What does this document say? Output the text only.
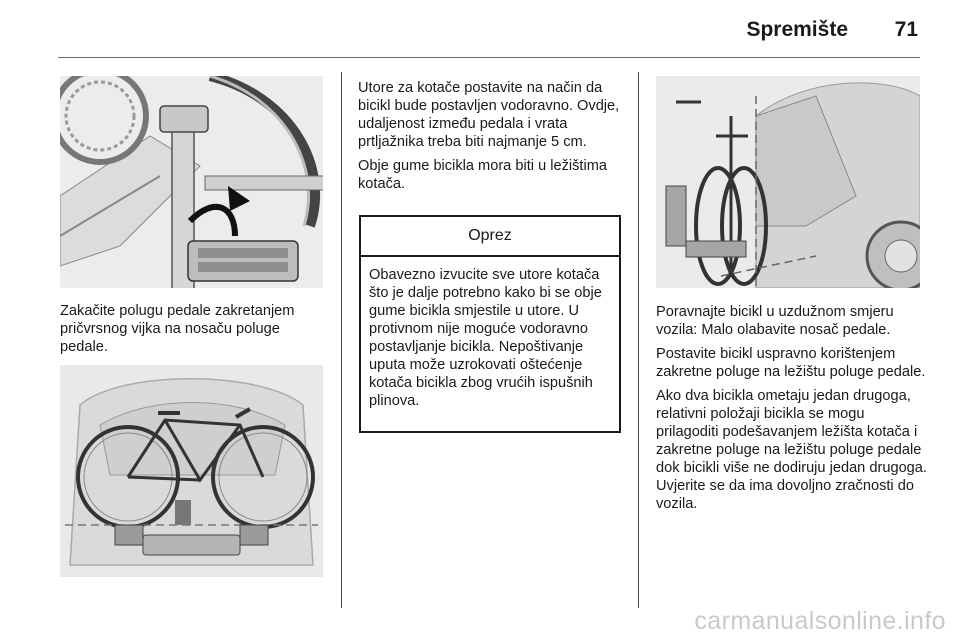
Spremište 71

Zakačite polugu pedale zakretanjem pričvrsnog vijka na nosaču poluge pedale.

Utore za kotače postavite na način da bicikl bude postavljen vodoravno. Ovdje, udaljenost između pedala i vrata prtljažnika treba biti najmanje 5 cm.

Obje gume bicikla mora biti u ležištima kotača.

Oprez
Obavezno izvucite sve utore kotača što je dalje potrebno kako bi se obje gume bicikla smjestile u utore. U protivnom nije moguće vodoravno postavljanje bicikla. Nepoštivanje uputa može uzrokovati oštećenje kotača bicikla zbog vrućih ispušnih plinova.

Poravnajte bicikl u uzdužnom smjeru vozila: Malo olabavite nosač pedale.

Postavite bicikl uspravno korištenjem zakretne poluge na ležištu poluge pedale.

Ako dva bicikla ometaju jedan drugoga, relativni položaji bicikla se mogu prilagoditi podešavanjem ležišta kotača i zakretne poluge na ležištu poluge pedale dok bicikli više ne dodiruju jedan drugoga. Uvjerite se da ima dovoljno zračnosti do vozila.

carmanualsonline.info
